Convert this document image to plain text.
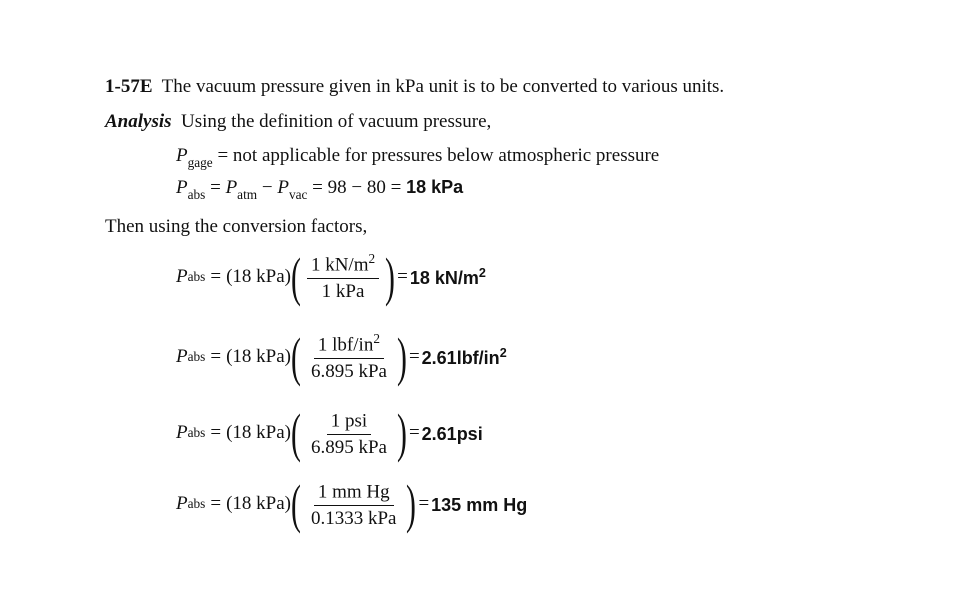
1-57E The vacuum pressure given in kPa unit is to be converted to various units.
Analysis Using the definition of vacuum pressure,
$P_{gage}$ = not applicable for pressures below atmospheric pressure
$P_{abs} = P_{atm} - P_{vac} = 98 - 80 = 18$ kPa
Then using the conversion factors,
P abs = (18 kPa) ( $\frac{1 kN/m^2}{\text{1 kPa}}$ ) = 18 $kN/m^2$
P abs = (18 kPa) ( $\frac{1 lbf/in^2}{\text{6.895 kPa}}$ ) = $2.61lbf/in^2$
P abs = (18 kPa) ( $\frac{\text{1 psi}}{\text{6.895 kPa}}$ ) = 2.61psi
P abs = (18 kPa) ( $\frac{\text{1 mm Hg}}{\text{0.1333 kPa}}$ ) = 135 mm Hg
